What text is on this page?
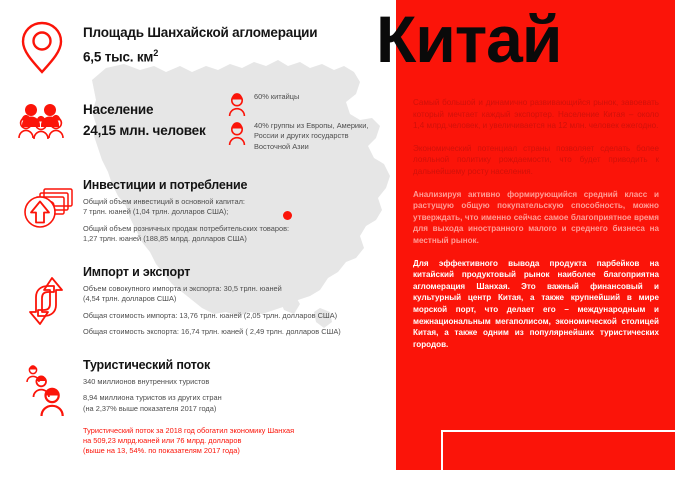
Китай

Самый большой и динамично развивающийся рынок, завоевать который мечтает каждый экспортер. Население Китая – около 1,4 млрд.человек, и увеличивается на 12 млн. человек ежегодно.

Экономический потенциал страны позволяет сделать более лояльной политику рождаемости, что будет приводить к дальнейшему росту населения.

Анализируя активно формирующийся средний класс и растущую общую покупательскую способность, можно утверждать, что именно сейчас самое благоприятное время для выхода иностранного малого и среднего бизнеса на местный рынок.

Для эффективного вывода продукта парбейков на китайский продуктовый рынок наиболее благоприятна агломерация Шанхая. Это важный финансовый и культурный центр Китая, а также крупнейший в мире морской порт, что делает его – международным и межнациональным мегаполисом, экономической столицей Китая, а также одним из популярнейших туристических городов.

Площадь Шанхайской агломерации
6,5 тыс. $км^2$
Население
24,15 млн. человек
60% китайцы
40% группы из Европы, Америки,
России и других государств
Восточной Азии
Инвестиции и потребление

Общий объем инвестиций в основной капитал:

7 трлн. юаней (1,04 трлн. долларов США);

Общий объем розничных продаж потребительских товаров:

1,27 трлн. юаней (188,85 млрд. долларов США)

Импорт и экспорт

Объем совокупного импорта и экспорта: 30,5 трлн. юаней

(4,54 трлн. долларов США)

Общая стоимость импорта: 13,76 трлн. юаней (2,05 трлн. долларов США)

Общая стоимость экспорта: 16,74 трлн. юаней ( 2,49 трлн. долларов США)

Туристический поток

340 миллионов внутренних туристов

8,94 миллиона туристов из других стран

(на 2,37% выше показателя 2017 года)

Туристический поток за 2018 год обогатил экономику Шанхая

на 509,23 млрд.юаней или 76 млрд. долларов

(выше на 13, 54%. по показателям 2017 года)
